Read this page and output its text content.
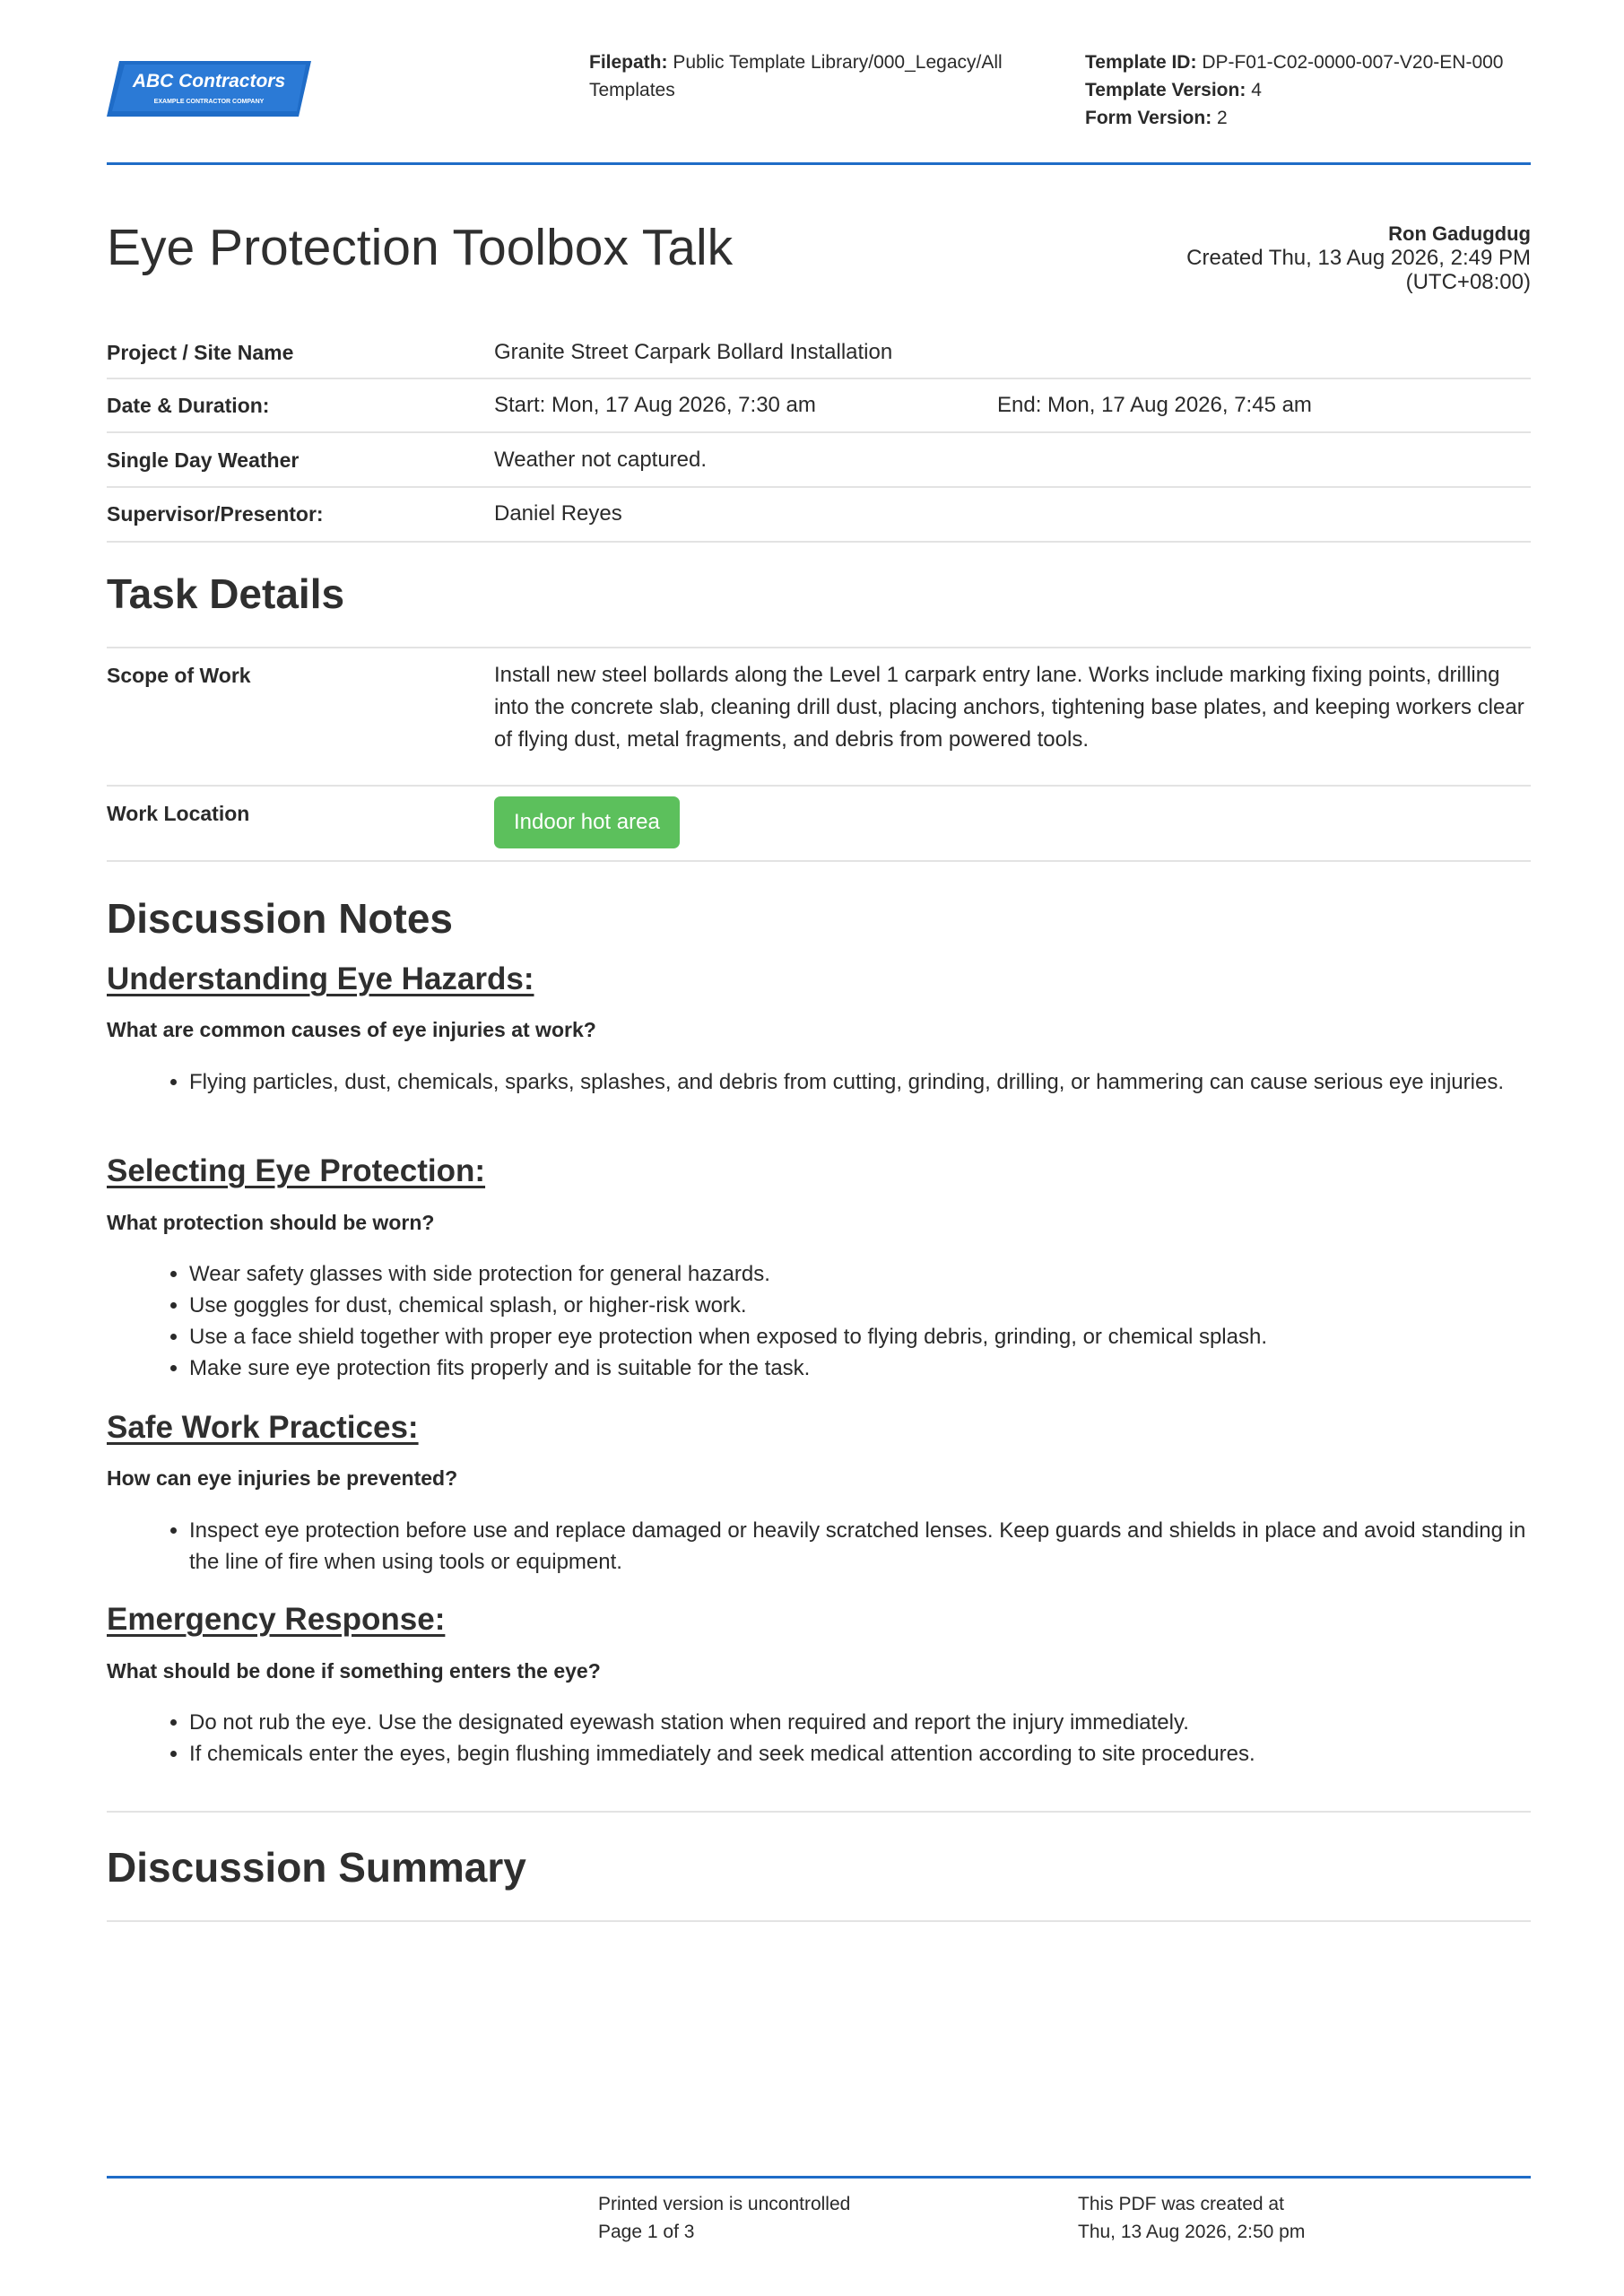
ABC Contractors
EXAMPLE CONTRACTOR COMPANY
Filepath: Public Template Library/000_Legacy/All Templates
Template ID: DP-F01-C02-0000-007-V20-EN-000
Template Version: 4
Form Version: 2
Eye Protection Toolbox Talk	Ron Gadugdug
Created Thu, 13 Aug 2026, 2:49 PM
(UTC+08:00)
Project / Site Name	Granite Street Carpark Bollard Installation
Date & Duration:	Start: Mon, 17 Aug 2026, 7:30 am	End: Mon, 17 Aug 2026, 7:45 am
Single Day Weather	Weather not captured.
Supervisor/Presentor:	Daniel Reyes
Task Details
Scope of Work	Install new steel bollards along the Level 1 carpark entry lane. Works include marking fixing points, drilling into the concrete slab, cleaning drill dust, placing anchors, tightening base plates, and keeping workers clear of flying dust, metal fragments, and debris from powered tools.
Work Location	Indoor hot area
Discussion Notes
Understanding Eye Hazards:
What are common causes of eye injuries at work?
• Flying particles, dust, chemicals, sparks, splashes, and debris from cutting, grinding, drilling, or hammering can cause serious eye injuries.
Selecting Eye Protection:
What protection should be worn?
• Wear safety glasses with side protection for general hazards.
• Use goggles for dust, chemical splash, or higher-risk work.
• Use a face shield together with proper eye protection when exposed to flying debris, grinding, or chemical splash.
• Make sure eye protection fits properly and is suitable for the task.
Safe Work Practices:
How can eye injuries be prevented?
• Inspect eye protection before use and replace damaged or heavily scratched lenses. Keep guards and shields in place and avoid standing in the line of fire when using tools or equipment.
Emergency Response:
What should be done if something enters the eye?
• Do not rub the eye. Use the designated eyewash station when required and report the injury immediately.
• If chemicals enter the eyes, begin flushing immediately and seek medical attention according to site procedures.
Discussion Summary
Printed version is uncontrolled
Page 1 of 3
This PDF was created at
Thu, 13 Aug 2026, 2:50 pm
